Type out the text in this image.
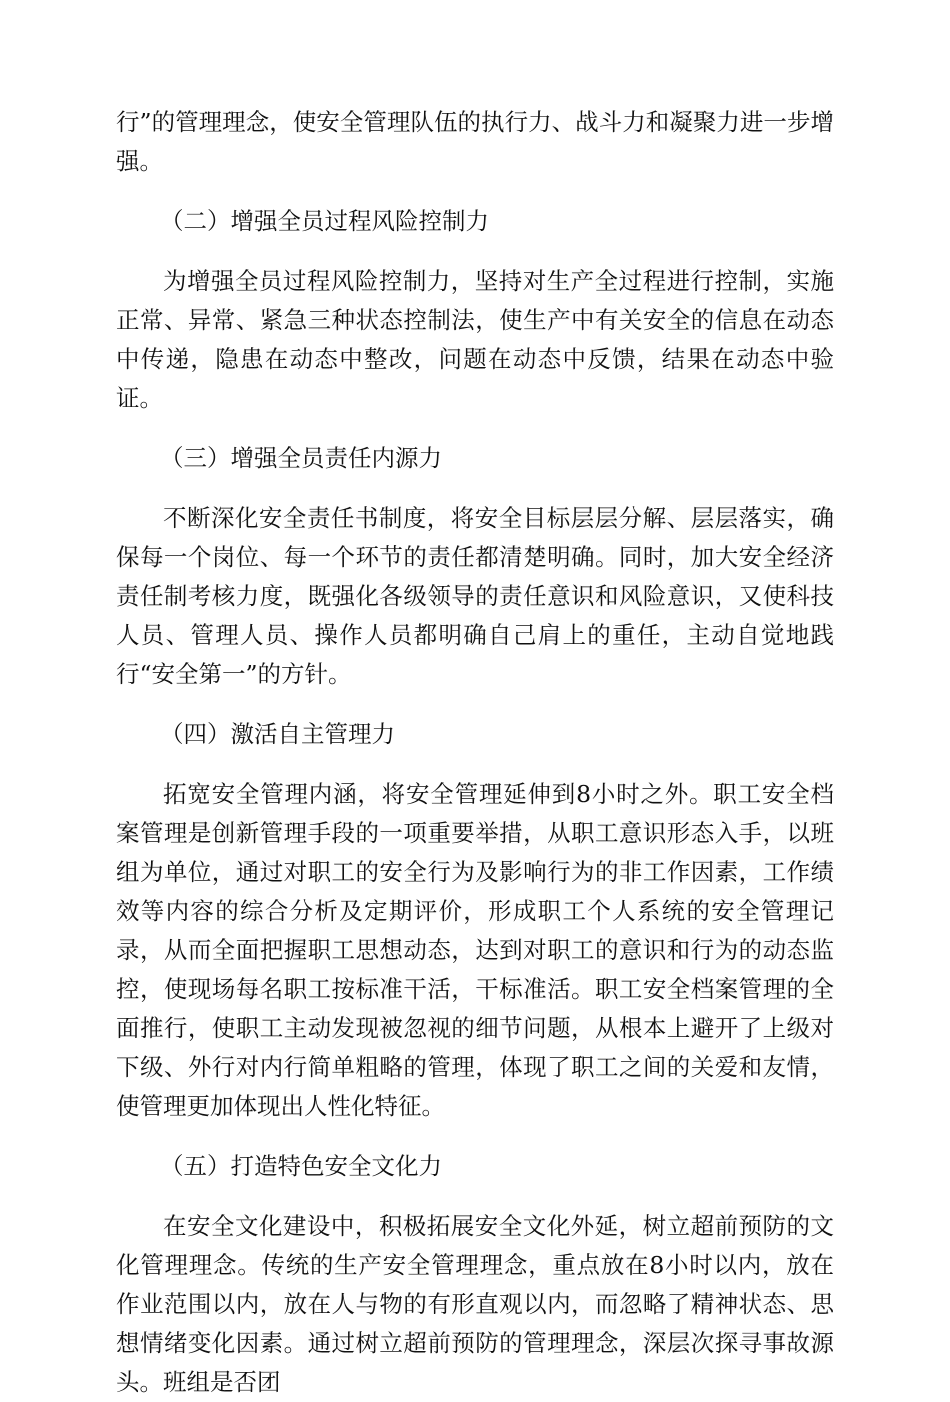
行”的管理理念，使安全管理队伍的执行力、战斗力和凝聚力进一步增强。

（二）增强全员过程风险控制力

为增强全员过程风险控制力，坚持对生产全过程进行控制，实施正常、异常、紧急三种状态控制法，使生产中有关安全的信息在动态中传递，隐患在动态中整改，问题在动态中反馈，结果在动态中验证。

（三）增强全员责任内源力

不断深化安全责任书制度，将安全目标层层分解、层层落实，确保每一个岗位、每一个环节的责任都清楚明确。同时，加大安全经济责任制考核力度，既强化各级领导的责任意识和风险意识，又使科技人员、管理人员、操作人员都明确自己肩上的重任，主动自觉地践行“安全第一”的方针。

（四）激活自主管理力

拓宽安全管理内涵，将安全管理延伸到8小时之外。职工安全档案管理是创新管理手段的一项重要举措，从职工意识形态入手，以班组为单位，通过对职工的安全行为及影响行为的非工作因素，工作绩效等内容的综合分析及定期评价，形成职工个人系统的安全管理记录，从而全面把握职工思想动态，达到对职工的意识和行为的动态监控，使现场每名职工按标准干活，干标准活。职工安全档案管理的全面推行，使职工主动发现被忽视的细节问题，从根本上避开了上级对下级、外行对内行简单粗略的管理，体现了职工之间的关爱和友情，使管理更加体现出人性化特征。

（五）打造特色安全文化力

在安全文化建设中，积极拓展安全文化外延，树立超前预防的文化管理理念。传统的生产安全管理理念，重点放在8小时以内，放在作业范围以内，放在人与物的有形直观以内，而忽略了精神状态、思想情绪变化因素。通过树立超前预防的管理理念，深层次探寻事故源头。班组是否团
